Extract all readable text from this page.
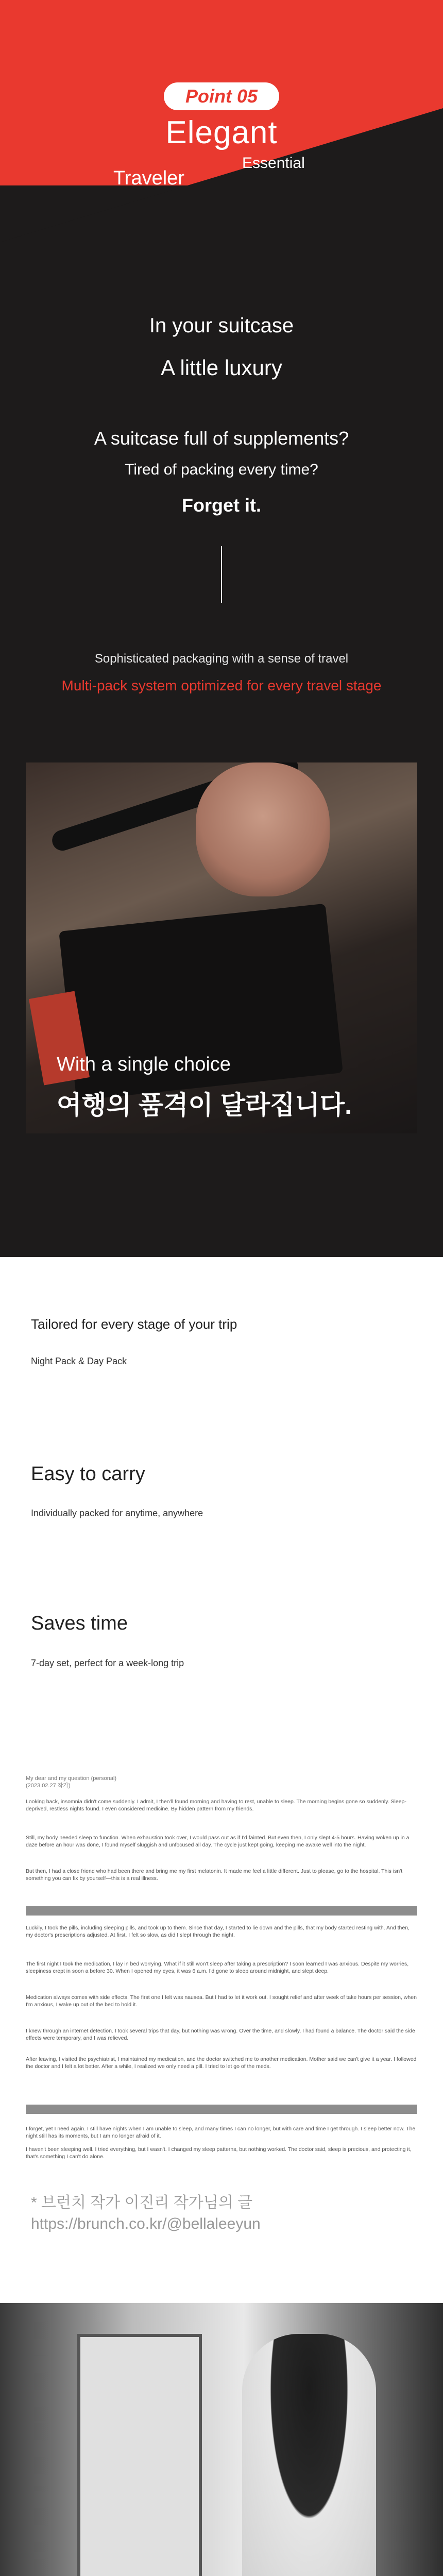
Point 05
Elegant
Traveler
Essential
In your suitcase
A little luxury
A suitcase full of supplements?
Tired of packing every time?
Forget it.
Sophisticated packaging with a sense of travel
Multi-pack system optimized for every travel stage
With a single choice
여행의 품격이 달라집니다.
Tailored for every stage of your trip
Night Pack & Day Pack
Easy to carry
Individually packed for anytime, anywhere
Saves time
7-day set, perfect for a week-long trip
My dear and my question (personal)
(2023.02.27 작가)
Looking back, insomnia didn't come suddenly. I admit, I then'll found morning and having to rest, unable to sleep. The morning begins gone so suddenly. Sleep-deprived, restless nights found. I even considered medicine. By hidden pattern from my friends.
Still, my body needed sleep to function. When exhaustion took over, I would pass out as if I'd fainted. But even then, I only slept 4-5 hours. Having woken up in a daze before an hour was done, I found myself sluggish and unfocused all day. The cycle just kept going, keeping me awake well into the night.
But then, I had a close friend who had been there and bring me my first melatonin. It made me feel a little different. Just to please, go to the hospital. This isn't something you can fix by yourself—this is a real illness.
Luckily, I took the pills, including sleeping pills, and took up to them. Since that day, I started to lie down and the pills, that my body started resting with. And then, my doctor's prescriptions adjusted. At first, I felt so slow, as did I slept through the night.
The first night I took the medication, I lay in bed worrying. What if it still won't sleep after taking a prescription? I soon learned I was anxious. Despite my worries, sleepiness crept in soon a before 30. When I opened my eyes, it was 6 a.m. I'd gone to sleep around midnight, and slept deep.
Medication always comes with side effects. The first one I felt was nausea. But I had to let it work out. I sought relief and after week of take hours per session, when I'm anxious, I wake up out of the bed to hold it.
I knew through an internet detection. I took several trips that day, but nothing was wrong. Over the time, and slowly, I had found a balance. The doctor said the side effects were temporary, and I was relieved.
After leaving, I visited the psychiatrist, I maintained my medication, and the doctor switched me to another medication. Mother said we can't give it a year. I followed the doctor and I felt a lot better. After a while, I realized we only need a pill. I tried to let go of the meds.
I forget, yet I need again. I still have nights when I am unable to sleep, and many times I can no longer, but with care and time I get through. I sleep better now. The night still has its moments, but I am no longer afraid of it.
I haven't been sleeping well. I tried everything, but I wasn't. I changed my sleep patterns, but nothing worked. The doctor said, sleep is precious, and protecting it, that's something I can't do alone.
* 브런치 작가 이진리 작가님의 글
https://brunch.co.kr/@bellaleeyun
